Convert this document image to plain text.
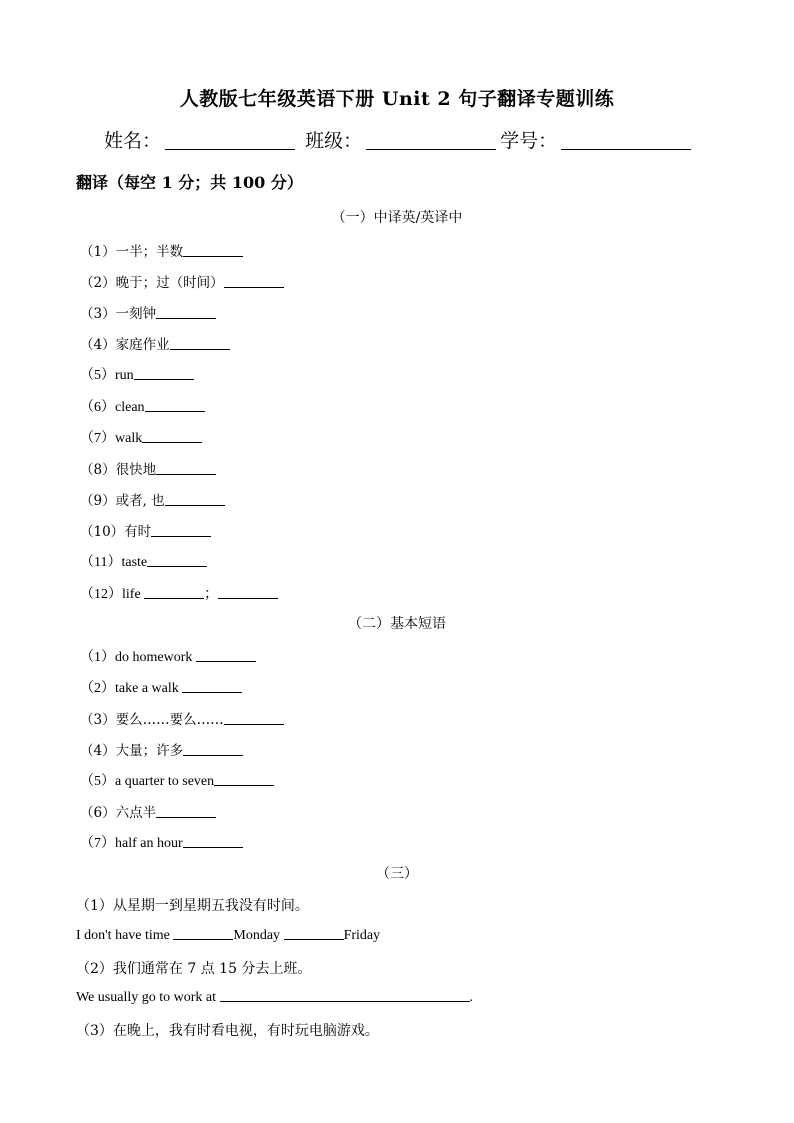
人教版七年级英语下册 Unit 2 句子翻译专题训练
姓名：	班级：	学号：
翻译（每空 1 分；共 100 分）
（一）中译英/英译中
（1）一半；半数
（2）晚于；过（时间）
（3）一刻钟
（4）家庭作业
（5）run
（6）clean
（7）walk
（8）很快地
（9）或者, 也
（10）有时
（11）taste
（12）life	；
（二）基本短语
（1）do homework
（2）take a walk
（3）要么……要么……
（4）大量；许多
（5）a quarter to seven
（6）六点半
（7）half an hour
（三）
（1）从星期一到星期五我没有时间。
I don't have time	Monday	Friday
（2）我们通常在 7 点 15 分去上班。
We usually go to work at	.
（3）在晚上，我有时看电视，有时玩电脑游戏。
